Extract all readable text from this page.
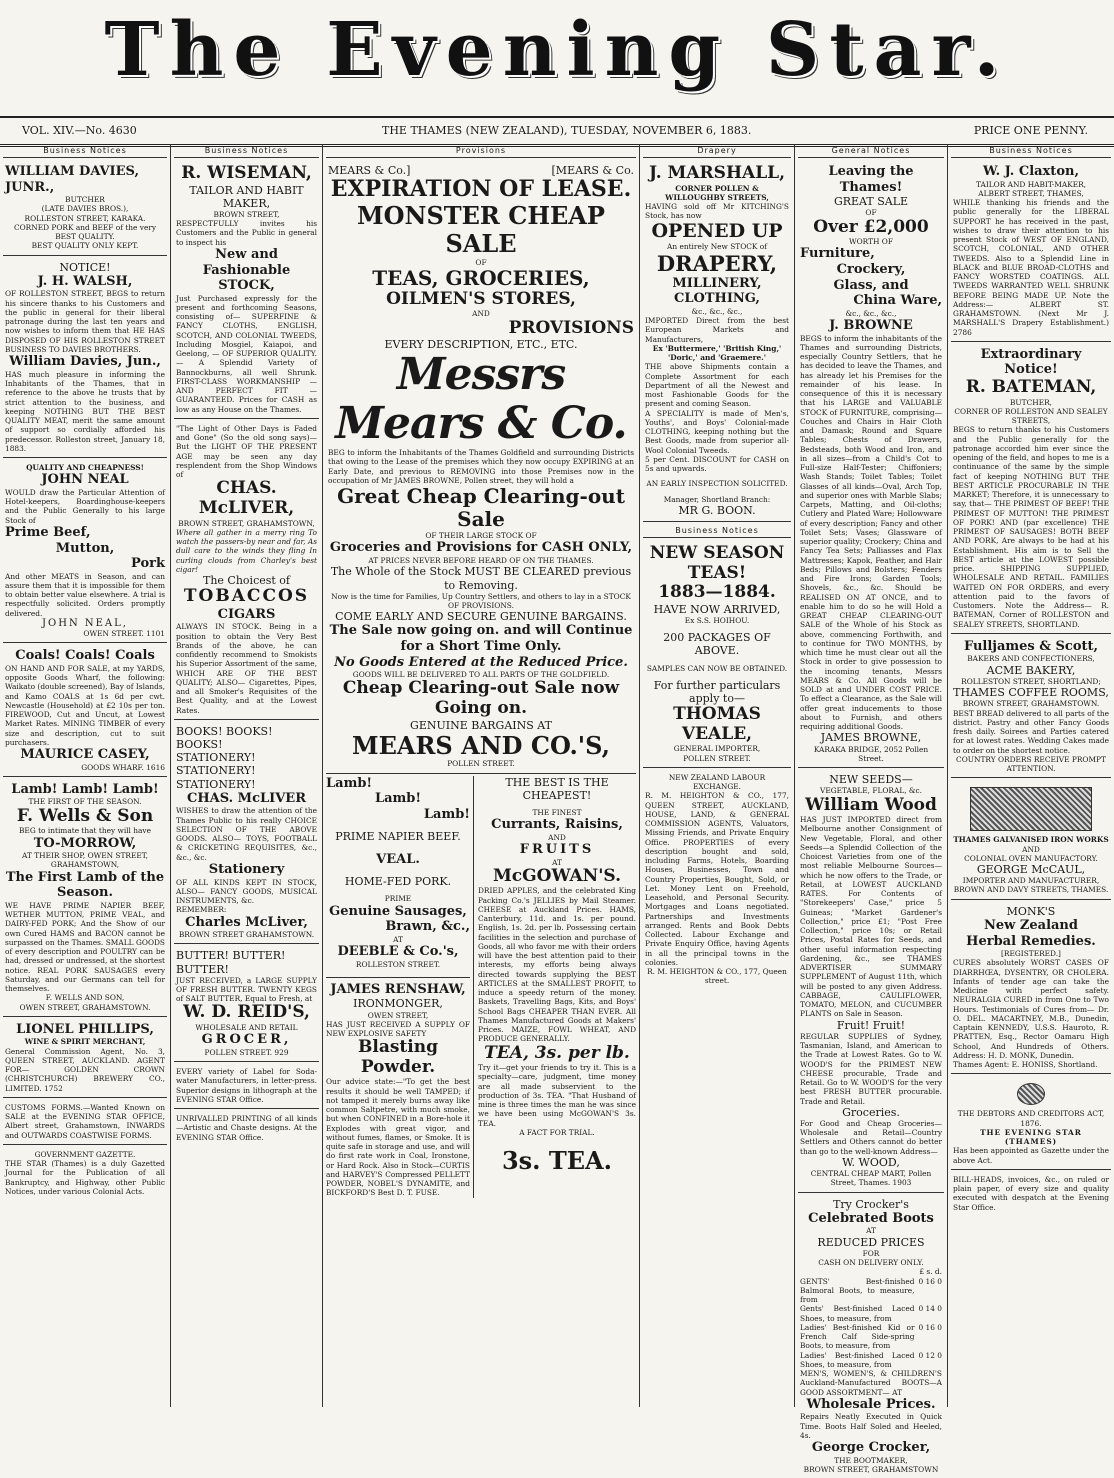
The Evening Star.
VOL. XIV.—No. 4630	THE THAMES (NEW ZEALAND), TUESDAY, NOVEMBER 6, 1883.	PRICE ONE PENNY.
Business Notices
WILLIAM DAVIES, JUNR.,
BUTCHER
(LATE DAVIES BROS.),
ROLLESTON STREET, KARAKA.
CORNED PORK and BEEF of the very BEST QUALITY.
BEST QUALITY ONLY KEPT.
NOTICE!
J. H. WALSH,
OF ROLLESTON STREET, BEGS to return his sincere thanks to his Customers and the public in general for their liberal patronage during the last ten years and now wishes to inform them that HE HAS DISPOSED OF HIS ROLLESTON STREET BUSINESS TO DAVIES BROTHERS.
William Davies, Jun.,
HAS much pleasure in informing the Inhabitants of the Thames, that in reference to the above he trusts that by strict attention to the business, and keeping NOTHING BUT THE BEST QUALITY MEAT, merit the same amount of support so cordially afforded his predecessor. Rolleston street, January 18, 1883.
QUALITY AND CHEAPNESS!
JOHN NEAL
WOULD draw the Particular Attention of Hotel-keepers, Boardinghouse-keepers and the Public Generally to his large Stock of
Prime Beef,
Mutton,
Pork
And other MEATS in Season, and can assure them that it is impossible for them to obtain better value elsewhere. A trial is respectfully solicited. Orders promptly delivered.
JOHN NEAL,
OWEN STREET. 1101
Coals! Coals! Coals
ON HAND AND FOR SALE, at my YARDS, opposite Goods Wharf, the following: Waikato (double screened), Bay of Islands, and Kamo COALS at 1s 6d per cwt. Newcastle (Household) at £2 10s per ton. FIREWOOD, Cut and Uncut, at Lowest Market Rates. MINING TIMBER of every size and description, cut to suit purchasers.
MAURICE CASEY,
GOODS WHARF. 1616
Lamb! Lamb! Lamb!
THE FIRST OF THE SEASON.
F. Wells & Son
BEG to intimate that they will have
TO-MORROW,
AT THEIR SHOP, OWEN STREET, GRAHAMSTOWN,
The First Lamb of the Season.
WE HAVE PRIME NAPIER BEEF, WETHER MUTTON, PRIME VEAL, and DAIRY-FED PORK; And the Show of our own Cured HAMS and BACON cannot be surpassed on the Thames. SMALL GOODS of every description and POULTRY can be had, dressed or undressed, at the shortest notice. REAL PORK SAUSAGES every Saturday, and our Germans can tell for themselves.
F. WELLS AND SON,
OWEN STREET, GRAHAMSTOWN.
LIONEL PHILLIPS,
WINE & SPIRIT MERCHANT,
General Commission Agent, No. 3, QUEEN STREET, AUCKLAND. AGENT FOR— GOLDEN CROWN (CHRISTCHURCH) BREWERY CO., LIMITED. 1752
CUSTOMS FORMS.—Wanted Known on SALE at the EVENING STAR OFFICE, Albert street, Grahamstown, INWARDS and OUTWARDS COASTWISE FORMS.
GOVERNMENT GAZETTE.
THE STAR (Thames) is a duly Gazetted Journal for the Publication of all Bankruptcy, and Highway, other Public Notices, under various Colonial Acts.
Business Notices
R. WISEMAN,
TAILOR AND HABIT MAKER,
BROWN STREET,
RESPECTFULLY invites his Customers and the Public in general to inspect his
New and Fashionable STOCK,
Just Purchased expressly for the present and forthcoming Seasons, consisting of— SUPERFINE & FANCY CLOTHS, ENGLISH, SCOTCH, AND COLONIAL TWEEDS, Including Mosgiel, Kaiapoi, and Geelong, — OF SUPERIOR QUALITY. — A Splendid Variety of Bannockburns, all well Shrunk. FIRST-CLASS WORKMANSHIP — AND PERFECT FIT — GUARANTEED. Prices for CASH as low as any House on the Thames.
"The Light of Other Days is Faded and Gone" (So the old song says)— But the LIGHT OF THE PRESENT AGE may be seen any day resplendent from the Shop Windows of
CHAS. McLIVER,
BROWN STREET, GRAHAMSTOWN,
Where all gather in a merry ring To watch the passers-by near and far, As dull care to the winds they fling In curling clouds from Charley's best cigar!
The Choicest of
TOBACCOS
CIGARS
ALWAYS IN STOCK. Being in a position to obtain the Very Best Brands of the above, he can confidently recommend to Smokists his Superior Assortment of the same, WHICH ARE OF THE BEST QUALITY; ALSO— Cigarettes, Pipes, and all Smoker's Requisites of the Best Quality, and at the Lowest Rates.
BOOKS! BOOKS! BOOKS!
STATIONERY! STATIONERY! STATIONERY!
CHAS. McLIVER
WISHES to draw the attention of the Thames Public to his really CHOICE SELECTION OF THE ABOVE GOODS. ALSO— TOYS, FOOTBALL & CRICKETING REQUISITES, &c., &c., &c.
Stationery
OF ALL KINDS KEPT IN STOCK, ALSO— FANCY GOODS, MUSICAL INSTRUMENTS, &c.
REMEMBER:
Charles McLiver,
BROWN STREET GRAHAMSTOWN.
BUTTER! BUTTER! BUTTER!
JUST RECEIVED, a LARGE SUPPLY OF FRESH BUTTER. TWENTY KEGS of SALT BUTTER, Equal to Fresh, at
W. D. REID'S,
WHOLESALE AND RETAIL
GROCER,
POLLEN STREET. 929
EVERY variety of Label for Soda-water Manufacturers, in letter-press. Superior designs in lithograph at the EVENING STAR Office.
UNRIVALLED PRINTING of all kinds —Artistic and Chaste designs. At the EVENING STAR Office.
Provisions
MEARS & Co.]	[MEARS & Co.
EXPIRATION OF LEASE.
MONSTER CHEAP SALE
OF
TEAS, GROCERIES,
OILMEN'S STORES,
AND
PROVISIONS
EVERY DESCRIPTION, ETC., ETC.
Messrs Mears & Co.
BEG to inform the Inhabitants of the Thames Goldfield and surrounding Districts that owing to the Lease of the premises which they now occupy EXPIRING at an Early Date, and previous to REMOVING into those Premises now in the occupation of Mr JAMES BROWNE, Pollen street, they will hold a
Great Cheap Clearing-out Sale
OF THEIR LARGE STOCK OF
Groceries and Provisions for CASH ONLY,
AT PRICES NEVER BEFORE HEARD OF ON THE THAMES.
The Whole of the Stock MUST BE CLEARED previous to Removing.
Now is the time for Families, Up Country Settlers, and others to lay in a STOCK OF PROVISIONS.
COME EARLY AND SECURE GENUINE BARGAINS.
The Sale now going on. and will Continue for a Short Time Only.
No Goods Entered at the Reduced Price.
GOODS WILL BE DELIVERED TO ALL PARTS OF THE GOLDFIELD.
Cheap Clearing-out Sale now Going on.
GENUINE BARGAINS AT
MEARS AND CO.'S,
POLLEN STREET.
Lamb!
Lamb!
Lamb!
PRIME NAPIER BEEF.
VEAL.
HOME-FED PORK.
PRIME
Genuine Sausages,
Brawn, &c.,
AT
DEEBLE & Co.'s,
ROLLESTON STREET.
JAMES RENSHAW,
IRONMONGER,
OWEN STREET,
HAS JUST RECEIVED A SUPPLY OF NEW EXPLOSIVE SAFETY
Blasting Powder.
Our advice state:—"To get the best results it should be well TAMPED; if not tamped it merely burns away like common Saltpetre, with much smoke, but when CONFINED in a Bore-hole it Explodes with great vigor, and without fumes, flames, or Smoke. It is quite safe in storage and use, and will do first rate work in Coal, Ironstone, or Hard Rock. Also in Stock—CURTIS and HARVEY'S Compressed PELLETT POWDER, NOBEL'S DYNAMITE, and BICKFORD'S Best D. T. FUSE.
THE BEST IS THE CHEAPEST!
THE FINEST
Currants, Raisins,
AND
FRUITS
AT
McGOWAN'S.
DRIED APPLES, and the celebrated King Packing Co.'s JELLIES by Mail Steamer. CHEESE at Auckland Prices. HAMS, Canterbury, 11d. and 1s. per pound. English, 1s. 2d. per lb. Possessing certain facilities in the selection and purchase of Goods, all who favor me with their orders will have the best attention paid to their interests, my efforts being always directed towards supplying the BEST ARTICLES at the SMALLEST PROFIT, to induce a speedy return of the money. Baskets, Travelling Bags, Kits, and Boys' School Bags CHEAPER THAN EVER. All Thames Manufactured Goods at Makers' Prices. MAIZE, FOWL WHEAT, AND PRODUCE GENERALLY.
TEA, 3s. per lb.
Try it—get your friends to try it. This is a specialty—care, judgment, time money are all made subservient to the production of 3s. TEA. "That Husband of mine is three times the man he was since we have been using McGOWAN'S 3s. TEA.
A FACT FOR TRIAL.
3s. TEA.
Drapery
J. MARSHALL,
CORNER POLLEN & WILLOUGHBY STREETS,
HAVING sold off Mr KITCHING'S Stock, has now
OPENED UP
An entirely New STOCK of
DRAPERY,
MILLINERY,
CLOTHING,
&c., &c., &c.,
IMPORTED Direct from the best European Markets and Manufacturers,
Ex 'Buttermere,' 'British King,' 'Doric,' and 'Graemere.'
THE above Shipments contain a Complete Assortment for each Department of all the Newest and most Fashionable Goods for the present and coming Season.
A SPECIALITY is made of Men's, Youths', and Boys' Colonial-made CLOTHING, keeping nothing but the Best Goods, made from superior all-Wool Colonial Tweeds.
5 per Cent. DISCOUNT for CASH on 5s and upwards.
AN EARLY INSPECTION SOLICITED.
Manager, Shortland Branch:
MR G. BOON.
Business Notices
NEW SEASON TEAS!
1883—1884.
HAVE NOW ARRIVED,
Ex S.S. HOIHOU.
200 PACKAGES OF ABOVE.
SAMPLES CAN NOW BE OBTAINED.
For further particulars apply to—
THOMAS VEALE,
GENERAL IMPORTER,
POLLEN STREET.
NEW ZEALAND LABOUR EXCHANGE.
R. M. HEIGHTON & CO., 177, QUEEN STREET, AUCKLAND, HOUSE, LAND, & GENERAL COMMISSION AGENTS, Valuators, Missing Friends, and Private Enquiry Office. PROPERTIES of every description bought and sold, including Farms, Hotels, Boarding Houses, Businesses, Town and Country Properties, Bought, Sold, or Let. Money Lent on Freehold, Leasehold, and Personal Security. Mortgages and Loans negotiated. Partnerships and Investments arranged. Rents and Book Debts Collected. Labour Exchange and Private Enquiry Office, having Agents in all the principal towns in the colonies.
R. M. HEIGHTON & CO., 177, Queen street.
General Notices
Leaving the Thames!
GREAT SALE
OF
Over £2,000
WORTH OF
Furniture,
Crockery,
Glass, and
China Ware,
&c., &c., &c.,
J. BROWNE
BEGS to inform the inhabitants of the Thames and surrounding Districts, especially Country Settlers, that he has decided to leave the Thames, and has already let his Premises for the remainder of his lease. In consequence of this it is necessary that his LARGE and VALUABLE STOCK of FURNITURE, comprising—Couches and Chairs in Hair Cloth and Damask; Round and Square Tables; Chests of Drawers, Bedsteads, both Wood and Iron, and in all sizes—from a Child's Cot to Full-size Half-Tester; Chiffoniers; Wash Stands; Toilet Tables; Toilet Glasses of all kinds—Oval, Arch Top, and superior ones with Marble Slabs; Carpets, Matting, and Oil-cloths; Cutlery and Plated Ware; Hollowware of every description; Fancy and other Toilet Sets; Vases; Glassware of superior quality; Crockery; China and Fancy Tea Sets; Palliasses and Flax Mattresses; Kapok, Feather, and Hair Beds; Pillows and Bolsters; Fenders and Fire Irons; Garden Tools; Shovels, &c., &c. Should be REALISED ON AT ONCE, and to enable him to do so he will Hold a GREAT CHEAP CLEARING-OUT SALE of the Whole of his Stock as above, commencing Forthwith, and to continue for TWO MONTHS, by which time he must clear out all the Stock in order to give possession to the incoming tenants, Messrs MEARS & Co. All Goods will be SOLD at and UNDER COST PRICE. To effect a Clearance, as the Sale will offer great inducements to those about to Furnish, and others requiring additional Goods.
JAMES BROWNE,
KARAKA BRIDGE, 2052 Pollen Street.
NEW SEEDS—
VEGETABLE, FLORAL, &c.
William Wood
HAS JUST IMPORTED direct from Melbourne another Consignment of New Vegetable, Floral, and other Seeds—a Splendid Collection of the Choicest Varieties from one of the most reliable Melbourne Sources—which he now offers to the Trade, or Retail, at LOWEST AUCKLAND RATES. For Contents of "Storekeepers' Case," price 5 Guineas; "Market Gardener's Collection," price £1; "Post Free Collection," price 10s; or Retail Prices, Postal Rates for Seeds, and other useful information respecting Gardening, &c., see THAMES ADVERTISER SUMMARY SUPPLEMENT of August 11th, which will be posted to any given Address. CABBAGE, CAULIFLOWER, TOMATO, MELON, and CUCUMBER PLANTS on Sale in Season.
Fruit! Fruit!
REGULAR SUPPLIES of Sydney, Tasmanian, Island, and American to the Trade at Lowest Rates. Go to W. WOOD'S for the PRIMEST NEW CHEESE procurable, Trade and Retail. Go to W. WOOD'S for the very best FRESH BUTTER procurable. Trade and Retail.
Groceries.
For Good and Cheap Groceries—Wholesale and Retail—Country Settlers and Others cannot do better than go to the well-known Address—
W. WOOD,
CENTRAL CHEAP MART, Pollen Street, Thames. 1903
Try Crocker's
Celebrated Boots
AT
REDUCED PRICES
FOR
CASH ON DELIVERY ONLY.
£ s. d.
GENTS' Best-finished Balmoral Boots, to measure, from
0 16 0
Gents' Best-finished Laced Shoes, to measure, from
0 14 0
Ladies' Best-finished Kid or French Calf Side-spring Boots, to measure, from
0 16 0
Ladies' Best-finished Laced Shoes, to measure, from
0 12 0
MEN'S, WOMEN'S, & CHILDREN'S Auckland-Manufactured BOOTS—A GOOD ASSORTMENT— AT
Wholesale Prices.
Repairs Neatly Executed in Quick Time. Boots Half Soled and Heeled, 4s.
George Crocker,
THE BOOTMAKER,
BROWN STREET, GRAHAMSTOWN
Business Notices
W. J. Claxton,
TAILOR AND HABIT-MAKER,
ALBERT STREET, THAMES,
WHILE thanking his friends and the public generally for the LIBERAL SUPPORT he has received in the past, wishes to draw their attention to his present Stock of WEST OF ENGLAND, SCOTCH, COLONIAL, AND OTHER TWEEDS. Also to a Splendid Line in BLACK and BLUE BROAD-CLOTHS and FANCY WORSTED COATINGS. ALL TWEEDS WARRANTED WELL SHRUNK BEFORE BEING MADE UP. Note the Address:— ALBERT ST. GRAHAMSTOWN. (Next Mr J. MARSHALL'S Drapery Establishment.) 2786
Extraordinary Notice!
R. BATEMAN,
BUTCHER,
CORNER OF ROLLESTON AND SEALEY STREETS,
BEGS to return thanks to his Customers and the Public generally for the patronage accorded him ever since the opening of the field, and hopes to me is a continuance of the same by the simple fact of keeping NOTHING BUT THE BEST ARTICLE PROCURABLE IN THE MARKET; Therefore, it is unnecessary to say, that— THE PRIMEST OF BEEF! THE PRIMEST OF MUTTON! THE PRIMEST OF PORK! AND (par excellence) THE PRIMEST OF SAUSAGES! BOTH BEEF AND PORK, Are always to be had at his Establishment. His aim is to Sell the BEST article at the LOWEST possible price. SHIPPING SUPPLIED, WHOLESALE AND RETAIL. FAMILIES WAITED ON FOR ORDERS, and every attention paid to the favors of Customers. Note the Address— R. BATEMAN, Corner of ROLLESTON and SEALEY STREETS, SHORTLAND.
Fulljames & Scott,
BAKERS AND CONFECTIONERS,
ACME BAKERY,
ROLLESTON STREET, SHORTLAND;
THAMES COFFEE ROOMS,
BROWN STREET, GRAHAMSTOWN.
BEST BREAD delivered to all parts of the district. Pastry and other Fancy Goods fresh daily. Soirees and Parties catered for at lowest rates. Wedding Cakes made to order on the shortest notice.
COUNTRY ORDERS RECEIVE PROMPT ATTENTION.
THAMES GALVANISED IRON WORKS
AND
COLONIAL OVEN MANUFACTORY.
GEORGE McCAUL,
IMPORTER AND MANUFACTURER,
BROWN AND DAVY STREETS, THAMES.
MONK'S
New Zealand
Herbal Remedies.
[REGISTERED.]
CURES absolutely WORST CASES OF DIARRHŒA, DYSENTRY, OR CHOLERA. Infants of tender age can take the Medicine with perfect safety. NEURALGIA CURED in from One to Two Hours. Testimonials of Cures from— Dr. O. DEL. MACARTNEY, M.B., Dunedin, Captain KENNEDY, U.S.S. Hauroto, R. PRATTEN, Esq., Rector Oamaru High School, And Hundreds of Others. Address: H. D. MONK, Dunedin.
Thames Agent: E. HONISS, Shortland.
THE DEBTORS AND CREDITORS ACT, 1876.
THE EVENING STAR (THAMES)
Has been appointed as Gazette under the above Act.
BILL-HEADS, invoices, &c., on ruled or plain paper, of every size and quality executed with despatch at the Evening Star Office.
